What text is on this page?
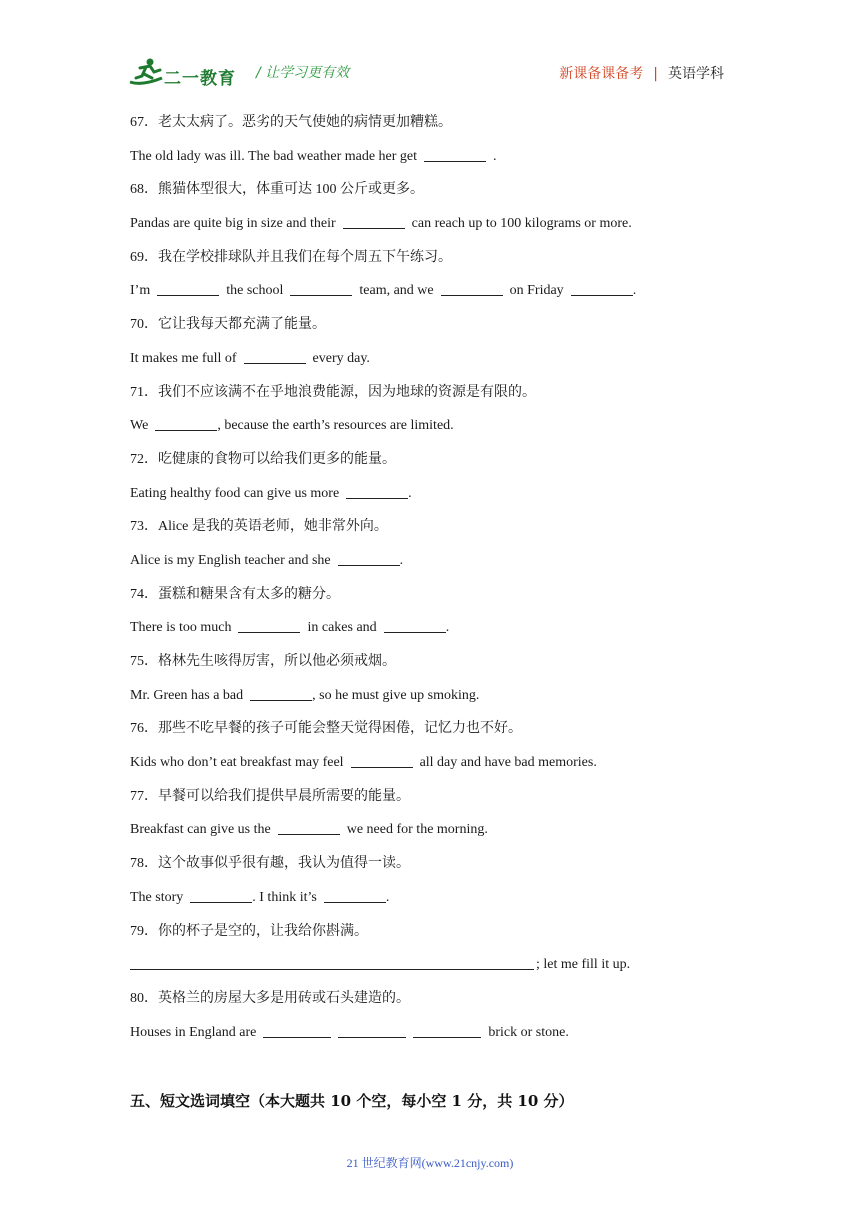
二一教育 / 让学习更有效	新课备课备考 | 英语学科
67．老太太病了。恶劣的天气使她的病情更加糟糕。
The old lady was ill. The bad weather made her get	.
68．熊猫体型很大，体重可达 100 公斤或更多。
Pandas are quite big in size and their	can reach up to 100 kilograms or more.
69．我在学校排球队并且我们在每个周五下午练习。
I’m	the school	team, and we	on Friday	.
70．它让我每天都充满了能量。
It makes me full of	every day.
71．我们不应该满不在乎地浪费能源，因为地球的资源是有限的。
We	, because the earth’s resources are limited.
72．吃健康的食物可以给我们更多的能量。
Eating healthy food can give us more	.
73．Alice 是我的英语老师，她非常外向。
Alice is my English teacher and she	.
74．蛋糕和糖果含有太多的糖分。
There is too much	in cakes and	.
75．格林先生咳得厉害，所以他必须戒烟。
Mr. Green has a bad	, so he must give up smoking.
76．那些不吃早餐的孩子可能会整天觉得困倦，记忆力也不好。
Kids who don’t eat breakfast may feel	all day and have bad memories.
77．早餐可以给我们提供早晨所需要的能量。
Breakfast can give us the	we need for the morning.
78．这个故事似乎很有趣，我认为值得一读。
The story	. I think it’s	.
79．你的杯子是空的，让我给你斟满。
; let me fill it up.
80．英格兰的房屋大多是用砖或石头建造的。
Houses in England are	brick or stone.
五、短文选词填空（本大题共 10 个空，每小空 1 分，共 10 分）
21 世纪教育网(www.21cnjy.com)
